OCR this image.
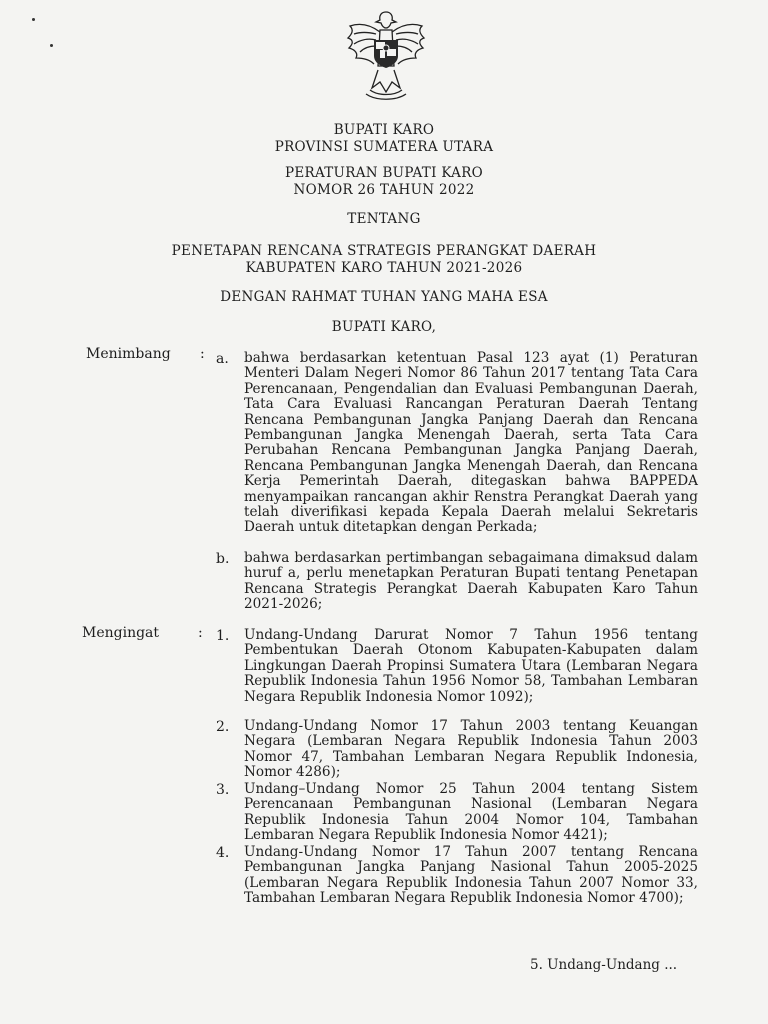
BUPATI KARO
PROVINSI SUMATERA UTARA
PERATURAN BUPATI KARO
NOMOR 26 TAHUN 2022
TENTANG
PENETAPAN RENCANA STRATEGIS PERANGKAT DAERAH
KABUPATEN KARO TAHUN 2021-2026
DENGAN RAHMAT TUHAN YANG MAHA ESA
BUPATI KARO,
Menimbang : a. bahwa berdasarkan ketentuan Pasal 123 ayat (1) Peraturan Menteri Dalam Negeri Nomor 86 Tahun 2017 tentang Tata Cara Perencanaan, Pengendalian dan Evaluasi Pembangunan Daerah, Tata Cara Evaluasi Rancangan Peraturan Daerah Tentang Rencana Pembangunan Jangka Panjang Daerah dan Rencana Pembangunan Jangka Menengah Daerah, serta Tata Cara Perubahan Rencana Pembangunan Jangka Panjang Daerah, Rencana Pembangunan Jangka Menengah Daerah, dan Rencana Kerja Pemerintah Daerah, ditegaskan bahwa BAPPEDA menyampaikan rancangan akhir Renstra Perangkat Daerah yang telah diverifikasi kepada Kepala Daerah melalui Sekretaris Daerah untuk ditetapkan dengan Perkada;
b. bahwa berdasarkan pertimbangan sebagaimana dimaksud dalam huruf a, perlu menetapkan Peraturan Bupati tentang Penetapan Rencana Strategis Perangkat Daerah Kabupaten Karo Tahun 2021-2026;
Mengingat	: 1. Undang-Undang Darurat Nomor 7 Tahun 1956 tentang Pembentukan Daerah Otonom Kabupaten-Kabupaten dalam Lingkungan Daerah Propinsi Sumatera Utara (Lembaran Negara Republik Indonesia Tahun 1956 Nomor 58, Tambahan Lembaran Negara Republik Indonesia Nomor 1092);
2. Undang-Undang Nomor 17 Tahun 2003 tentang Keuangan Negara (Lembaran Negara Republik Indonesia Tahun 2003 Nomor 47, Tambahan Lembaran Negara Republik Indonesia, Nomor 4286);
3. Undang–Undang Nomor 25 Tahun 2004 tentang Sistem Perencanaan Pembangunan Nasional (Lembaran Negara Republik Indonesia Tahun 2004 Nomor 104, Tambahan Lembaran Negara Republik Indonesia Nomor 4421);
4. Undang-Undang Nomor 17 Tahun 2007 tentang Rencana Pembangunan Jangka Panjang Nasional Tahun 2005-2025 (Lembaran Negara Republik Indonesia Tahun 2007 Nomor 33, Tambahan Lembaran Negara Republik Indonesia Nomor 4700);
5. Undang-Undang ...
